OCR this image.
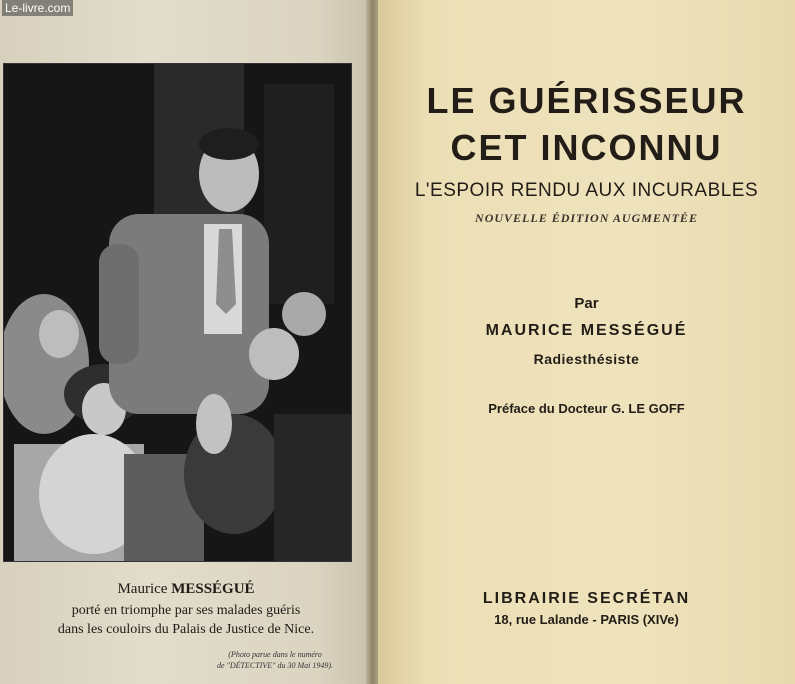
Le-livre.com
Maurice MESSÉGUÉ
porté en triomphe par ses malades guéris
dans les couloirs du Palais de Justice de Nice.
(Photo parue dans le numéro
de "DÉTECTIVE" du 30 Mai 1949).
LE GUÉRISSEUR
CET INCONNU
L'ESPOIR RENDU AUX INCURABLES
NOUVELLE ÉDITION AUGMENTÉE
Par
MAURICE MESSÉGUÉ
Radiesthésiste
Préface du Docteur G. LE GOFF
LIBRAIRIE SECRÉTAN
18, rue Lalande - PARIS (XIVe)
